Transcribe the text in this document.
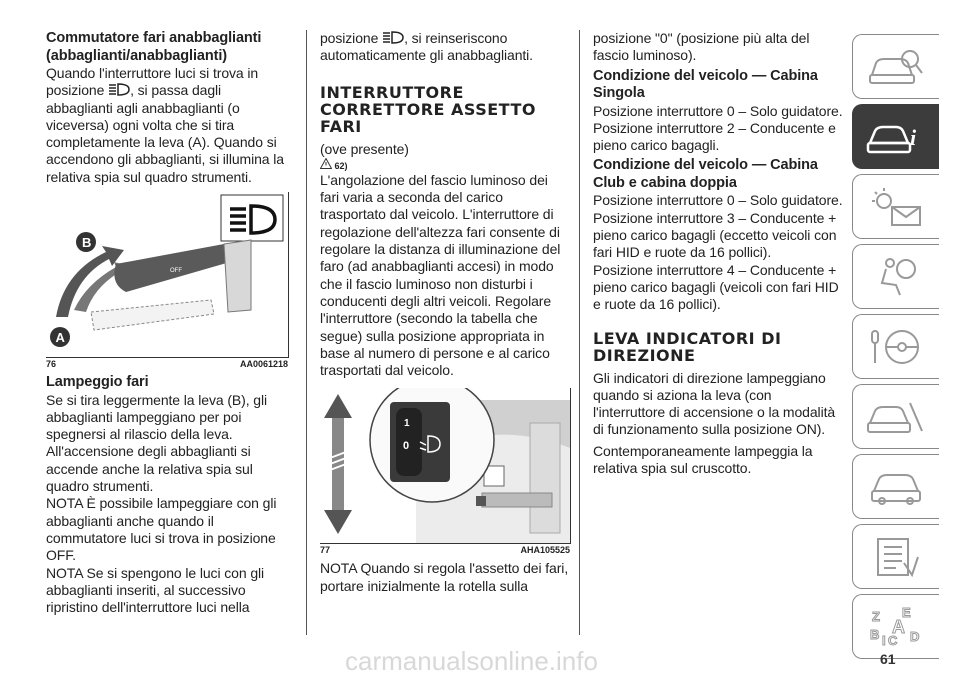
Commutatore fari anabbaglianti (abbaglianti/anabbaglianti)

Quando l'interruttore luci si trova in posizione , si passa dagli abbaglianti agli anabbaglianti (o viceversa) ogni volta che si tira completamente la leva (A). Quando si accendono gli abbaglianti, si illumina la relativa spia sul quadro strumenti.

OFF
B
A
76	AA0061218

Lampeggio fari

Se si tira leggermente la leva (B), gli abbaglianti lampeggiano per poi spegnersi al rilascio della leva. All'accensione degli abbaglianti si accende anche la relativa spia sul quadro strumenti.

NOTA È possibile lampeggiare con gli abbaglianti anche quando il commutatore luci si trova in posizione OFF.

NOTA Se si spengono le luci con gli abbaglianti inseriti, al successivo ripristino dell'interruttore luci nella

posizione , si reinseriscono automaticamente gli anabbaglianti.

INTERRUTTORE CORRETTORE ASSETTO FARI

(ove presente)

62)

L'angolazione del fascio luminoso dei fari varia a seconda del carico trasportato dal veicolo. L'interruttore di regolazione dell'altezza fari consente di regolare la distanza di illuminazione del faro (ad anabbaglianti accesi) in modo che il fascio luminoso non disturbi i conducenti degli altri veicoli. Regolare l'interruttore (secondo la tabella che segue) sulla posizione appropriata in base al numero di persone e al carico trasportati dal veicolo.

1
0
77	AHA105525

NOTA Quando si regola l'assetto dei fari, portare inizialmente la rotella sulla

posizione "0" (posizione più alta del fascio luminoso).

Condizione del veicolo — Cabina Singola

Posizione interruttore 0 – Solo guidatore.

Posizione interruttore 2 – Conducente e pieno carico bagagli.

Condizione del veicolo — Cabina Club e cabina doppia

Posizione interruttore 0 – Solo guidatore.

Posizione interruttore 3 – Conducente + pieno carico bagagli (eccetto veicoli con fari HID e ruote da 16 pollici).

Posizione interruttore 4 – Conducente + pieno carico bagagli (veicoli con fari HID e ruote da 16 pollici).

LEVA INDICATORI DI DIREZIONE

Gli indicatori di direzione lampeggiano quando si aziona la leva (con l'interruttore di accensione o la modalità di funzionamento sulla posizione ON).

Contemporaneamente lampeggia la relativa spia sul cruscotto.

i
Z E
B I C
A D
61
carmanualsonline.info
